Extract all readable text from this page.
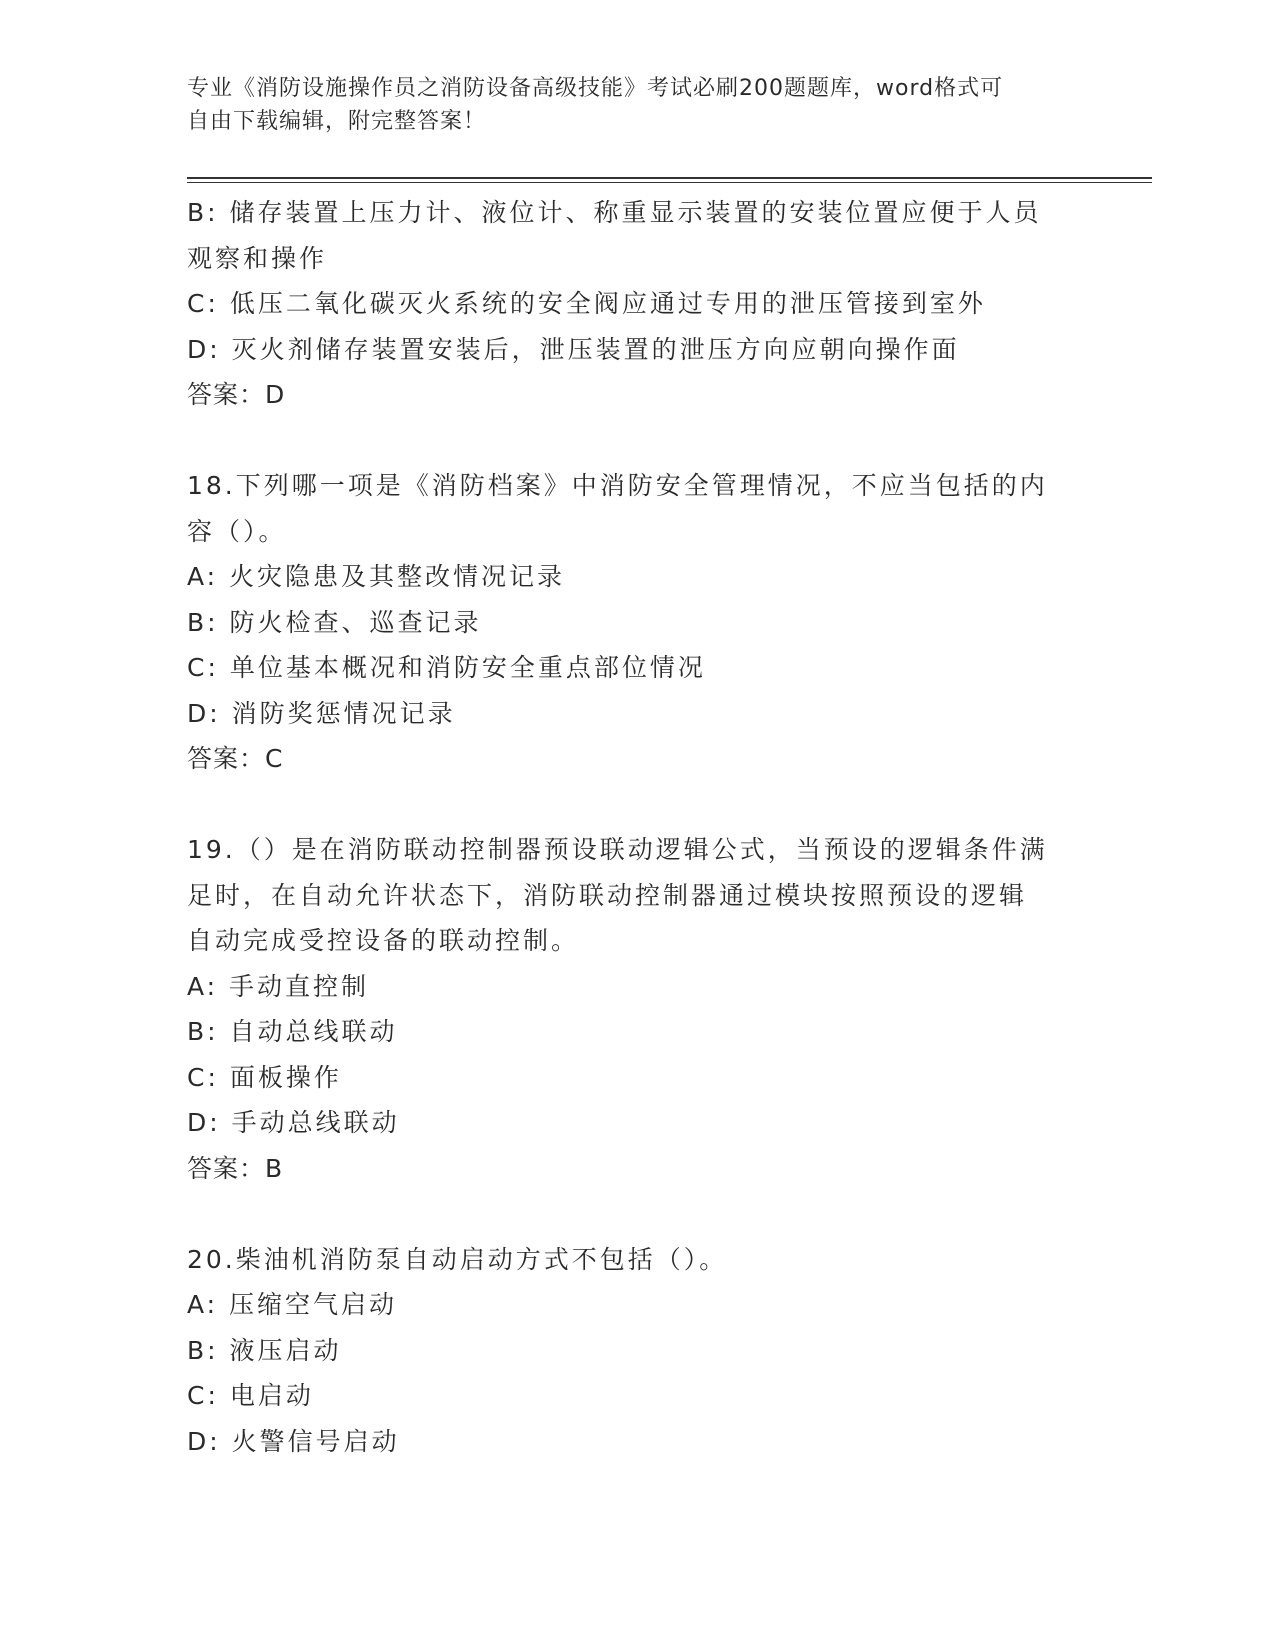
专业《消防设施操作员之消防设备高级技能》考试必刷200题题库，word格式可
自由下载编辑，附完整答案！
B: 储存装置上压力计、液位计、称重显示装置的安装位置应便于人员
观察和操作
C: 低压二氧化碳灭火系统的安全阀应通过专用的泄压管接到室外
D: 灭火剂储存装置安装后，泄压装置的泄压方向应朝向操作面
答案：D
18.下列哪一项是《消防档案》中消防安全管理情况，不应当包括的内
容（）。
A: 火灾隐患及其整改情况记录
B: 防火检查、巡查记录
C: 单位基本概况和消防安全重点部位情况
D: 消防奖惩情况记录
答案：C
19.（）是在消防联动控制器预设联动逻辑公式，当预设的逻辑条件满
足时，在自动允许状态下，消防联动控制器通过模块按照预设的逻辑
自动完成受控设备的联动控制。
A: 手动直控制
B: 自动总线联动
C: 面板操作
D: 手动总线联动
答案：B
20.柴油机消防泵自动启动方式不包括（）。
A: 压缩空气启动
B: 液压启动
C: 电启动
D: 火警信号启动
